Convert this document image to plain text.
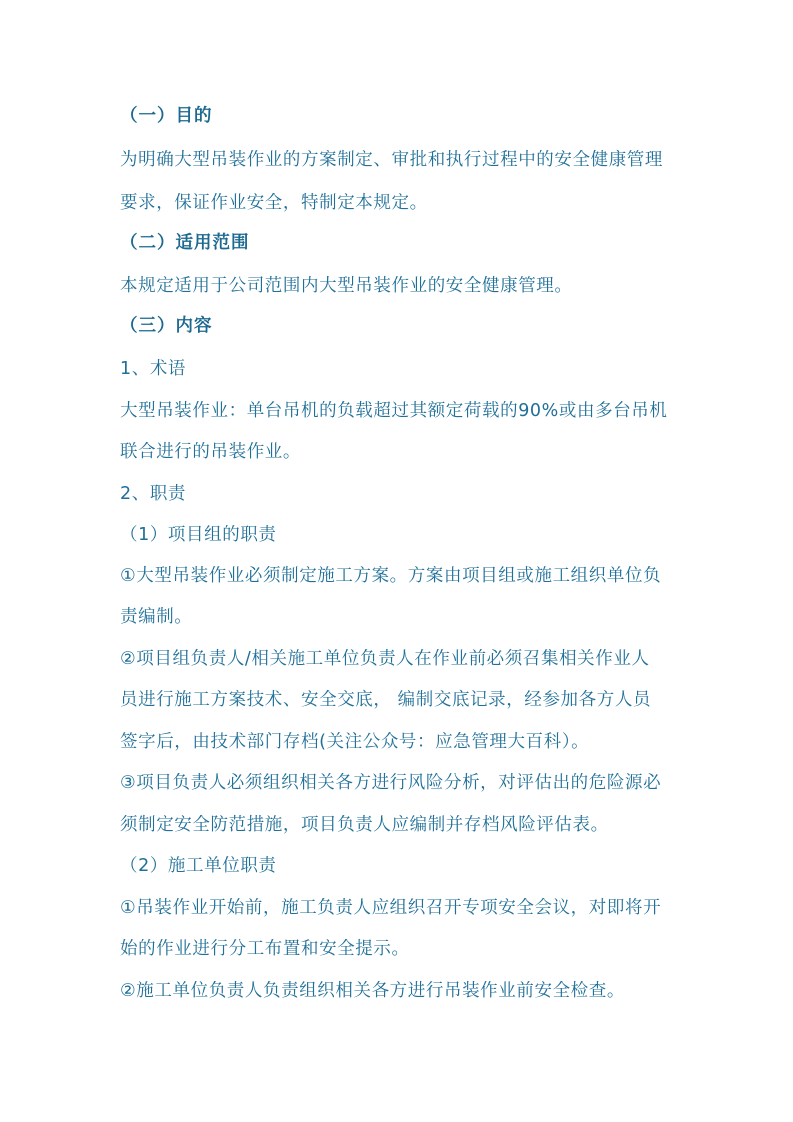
（一）目的
为明确大型吊装作业的方案制定、审批和执行过程中的安全健康管理
要求，保证作业安全，特制定本规定。
（二）适用范围
本规定适用于公司范围内大型吊装作业的安全健康管理。
（三）内容
1、术语
大型吊装作业：单台吊机的负载超过其额定荷载的90%或由多台吊机
联合进行的吊装作业。
2、职责
（1）项目组的职责
①大型吊装作业必须制定施工方案。方案由项目组或施工组织单位负
责编制。
②项目组负责人/相关施工单位负责人在作业前必须召集相关作业人
员进行施工方案技术、安全交底， 编制交底记录，经参加各方人员
签字后，由技术部门存档(关注公众号：应急管理大百科）。
③项目负责人必须组织相关各方进行风险分析，对评估出的危险源必
须制定安全防范措施，项目负责人应编制并存档风险评估表。
（2）施工单位职责
①吊装作业开始前，施工负责人应组织召开专项安全会议，对即将开
始的作业进行分工布置和安全提示。
②施工单位负责人负责组织相关各方进行吊装作业前安全检查。
